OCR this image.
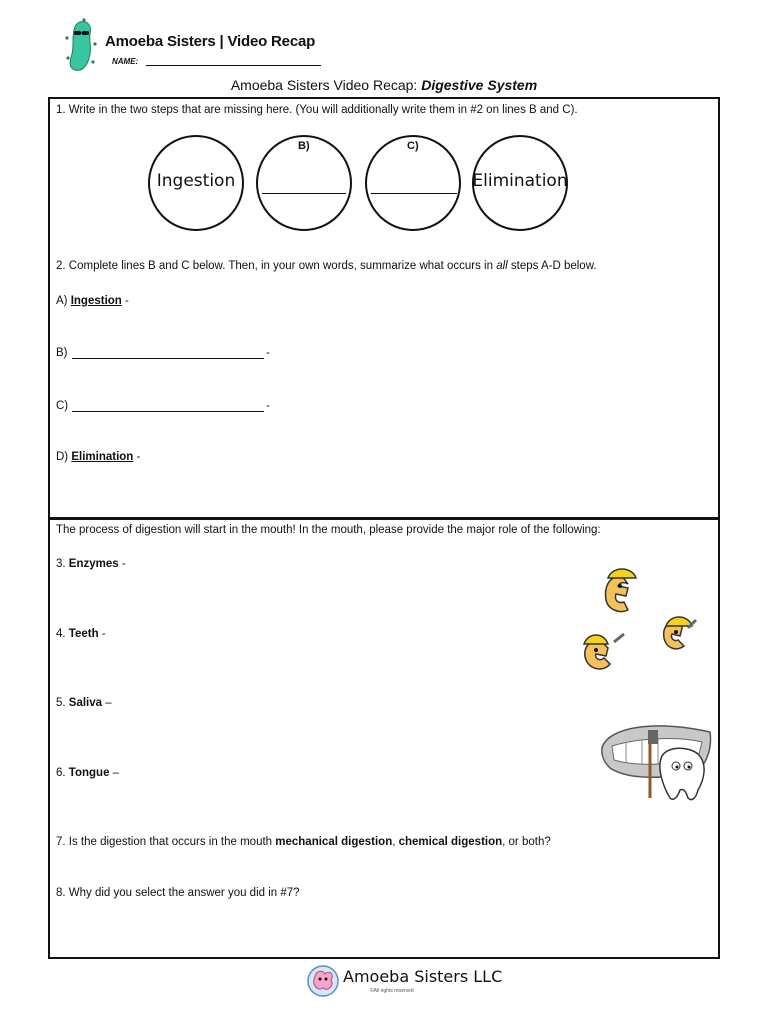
Amoeba Sisters | Video Recap
NAME:
Amoeba Sisters Video Recap: Digestive System
1. Write in the two steps that are missing here. (You will additionally write them in #2 on lines B and C).
Ingestion
B)	C)
Elimination
2. Complete lines B and C below. Then, in your own words, summarize what occurs in all steps A-D below.
A) Ingestion -
B)	-
C)	-
D) Elimination -
The process of digestion will start in the mouth! In the mouth, please provide the major role of the following:
3. Enzymes -
4. Teeth -
5. Saliva –
6. Tongue –
7. Is the digestion that occurs in the mouth mechanical digestion, chemical digestion, or both?
8. Why did you select the answer you did in #7?
Amoeba Sisters LLC
©All rights reserved
